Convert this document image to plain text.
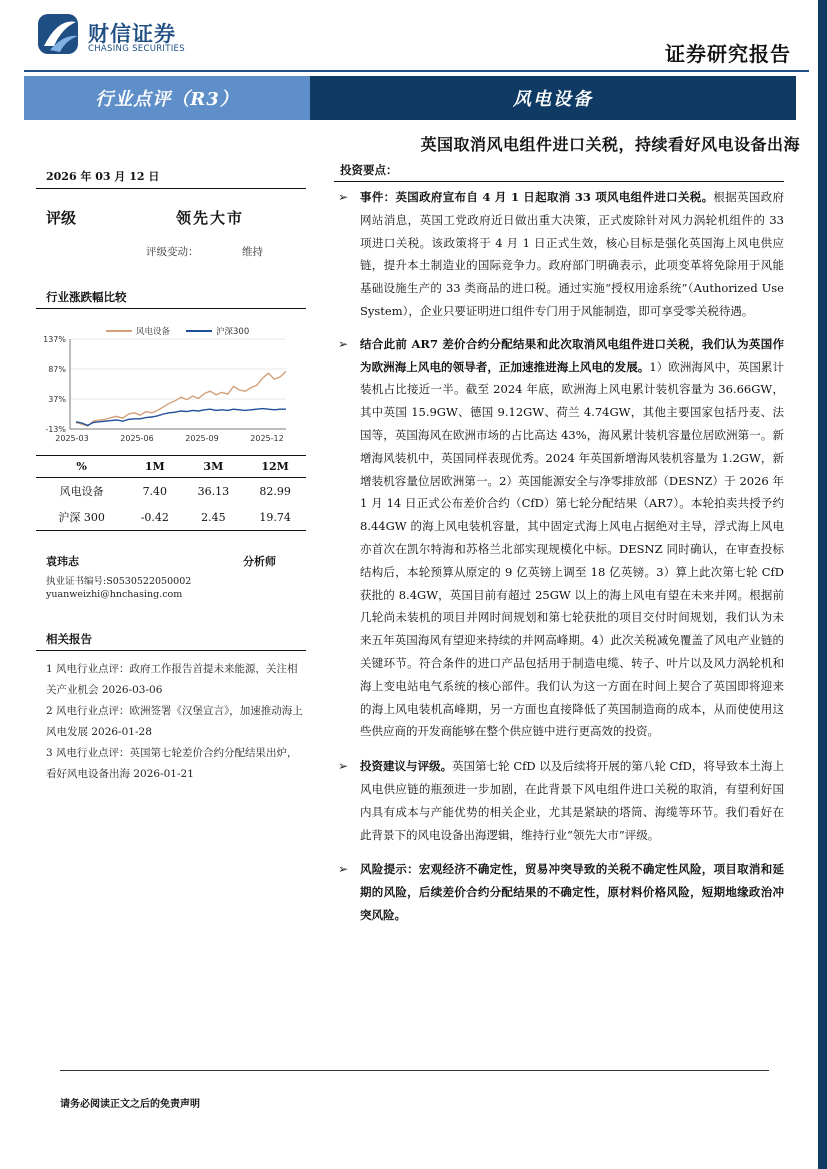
财信证券
CHASING SECURITIES	证券研究报告
行业点评（R3）	风电设备
英国取消风电组件进口关税，持续看好风电设备出海
2026 年 03 月 12 日
评级	领先大市
评级变动：	维持
行业涨跌幅比较
137%
87%
37%
-13%
2025-03	2025-06	2025-09	2025-12
风电设备	沪深300
%	1M	3M	12M
风电设备	7.40	36.13	82.99
沪深 300	-0.42	2.45	19.74
袁玮志	分析师
执业证书编号:S0530522050002
yuanweizhi@hnchasing.com
相关报告
1 风电行业点评：政府工作报告首提未来能源，关注相关产业机会 2026-03-06
2 风电行业点评：欧洲签署《汉堡宣言》，加速推动海上风电发展 2026-01-28
3 风电行业点评：英国第七轮差价合约分配结果出炉，看好风电设备出海 2026-01-21
投资要点：
➢ 事件：英国政府宣布自 4 月 1 日起取消 33 项风电组件进口关税。根据英国政府网站消息，英国工党政府近日做出重大决策，正式废除针对风力涡轮机组件的 33 项进口关税。该政策将于 4 月 1 日正式生效，核心目标是强化英国海上风电供应链，提升本土制造业的国际竞争力。政府部门明确表示，此项变革将免除用于风能基础设施生产的 33 类商品的进口税。通过实施“授权用途系统”（Authorized Use System），企业只要证明进口组件专门用于风能制造，即可享受零关税待遇。
➢ 结合此前 AR7 差价合约分配结果和此次取消风电组件进口关税，我们认为英国作为欧洲海上风电的领导者，正加速推进海上风电的发展。1）欧洲海风中，英国累计装机占比接近一半。截至 2024 年底，欧洲海上风电累计装机容量为 36.66GW，其中英国 15.9GW、德国 9.12GW、荷兰 4.74GW，其他主要国家包括丹麦、法国等，英国海风在欧洲市场的占比高达 43%，海风累计装机容量位居欧洲第一。新增海风装机中，英国同样表现优秀。2024 年英国新增海风装机容量为 1.2GW，新增装机容量位居欧洲第一。2）英国能源安全与净零排放部（DESNZ）于 2026 年 1 月 14 日正式公布差价合约（CfD）第七轮分配结果（AR7）。本轮拍卖共授予约 8.44GW 的海上风电装机容量，其中固定式海上风电占据绝对主导，浮式海上风电亦首次在凯尔特海和苏格兰北部实现规模化中标。DESNZ 同时确认，在审查投标结构后，本轮预算从原定的 9 亿英镑上调至 18 亿英镑。3）算上此次第七轮 CfD 获批的 8.4GW，英国目前有超过 25GW 以上的海上风电有望在未来并网。根据前几轮尚未装机的项目并网时间规划和第七轮获批的项目交付时间规划，我们认为未来五年英国海风有望迎来持续的并网高峰期。4）此次关税减免覆盖了风电产业链的关键环节。符合条件的进口产品包括用于制造电缆、转子、叶片以及风力涡轮机和海上变电站电气系统的核心部件。我们认为这一方面在时间上契合了英国即将迎来的海上风电装机高峰期，另一方面也直接降低了英国制造商的成本，从而使使用这些供应商的开发商能够在整个供应链中进行更高效的投资。
➢ 投资建议与评级。英国第七轮 CfD 以及后续将开展的第八轮 CfD，将导致本土海上风电供应链的瓶颈进一步加剧，在此背景下风电组件进口关税的取消，有望利好国内具有成本与产能优势的相关企业，尤其是紧缺的塔筒、海缆等环节。我们看好在此背景下的风电设备出海逻辑，维持行业“领先大市”评级。
➢ 风险提示：宏观经济不确定性，贸易冲突导致的关税不确定性风险，项目取消和延期的风险，后续差价合约分配结果的不确定性，原材料价格风险，短期地缘政治冲突风险。
请务必阅读正文之后的免责声明
